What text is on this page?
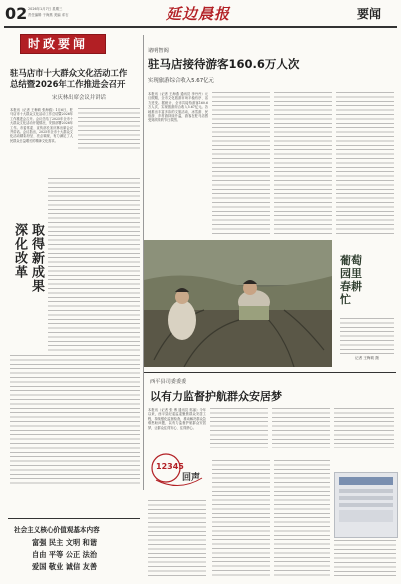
02 2026年1月7日 星期三
责任编辑 于海燕 美编 邓石	延边晨报	要闻
时政要闻
驻马店市十大群众文化活动工作
总结暨2026年工作推进会召开
宋庆林出席会议并讲话
本报讯（记者 王梅莉 张海鸥）1月6日，驻马店市十大群众文化活动工作总结暨2026年工作推进会召开。会议总结了2025年全市十大群众文化活动开展情况，安排部署2026年工作。市委常委、宣传部长宋庆林出席会议并讲话。会议指出，2025年全市十大群众文化活动精彩纷呈、亮点频现，有力满足了人民群众日益增长的精神文化需求。
诸明智阁
驻马店接待游客160.6万人次
实现旅游综合收入5.67亿元
本报讯（记者 王海燕 通讯员 李丹丹）元旦假期，全市文化旅游市场平稳有序、活力迸发。据统计，全市共接待游客160.6万人次，实现旅游综合收入5.67亿元。各地推出丰富多彩的文旅活动，冰雪游、民俗游、乡村游持续升温，游客在驻马店感受到浓浓的节日氛围。
深化改革 取得新成果	葡萄
园里
春耕
忙
记者 王梅莉 摄
西平县司委委委
以有力监督护航群众安居梦
本报讯（记者 张 博 通讯员 郭丽）今年以来，西平县纪委监委聚焦群众安居工程，持续强化监督检查，推动解决群众急难愁盼问题，以有力监督护航群众安居梦，让群众住得安心、住得舒心。
12345
回声
社会主义核心价值观基本内容
富强 民主 文明 和谐
自由 平等 公正 法治
爱国 敬业 诚信 友善
